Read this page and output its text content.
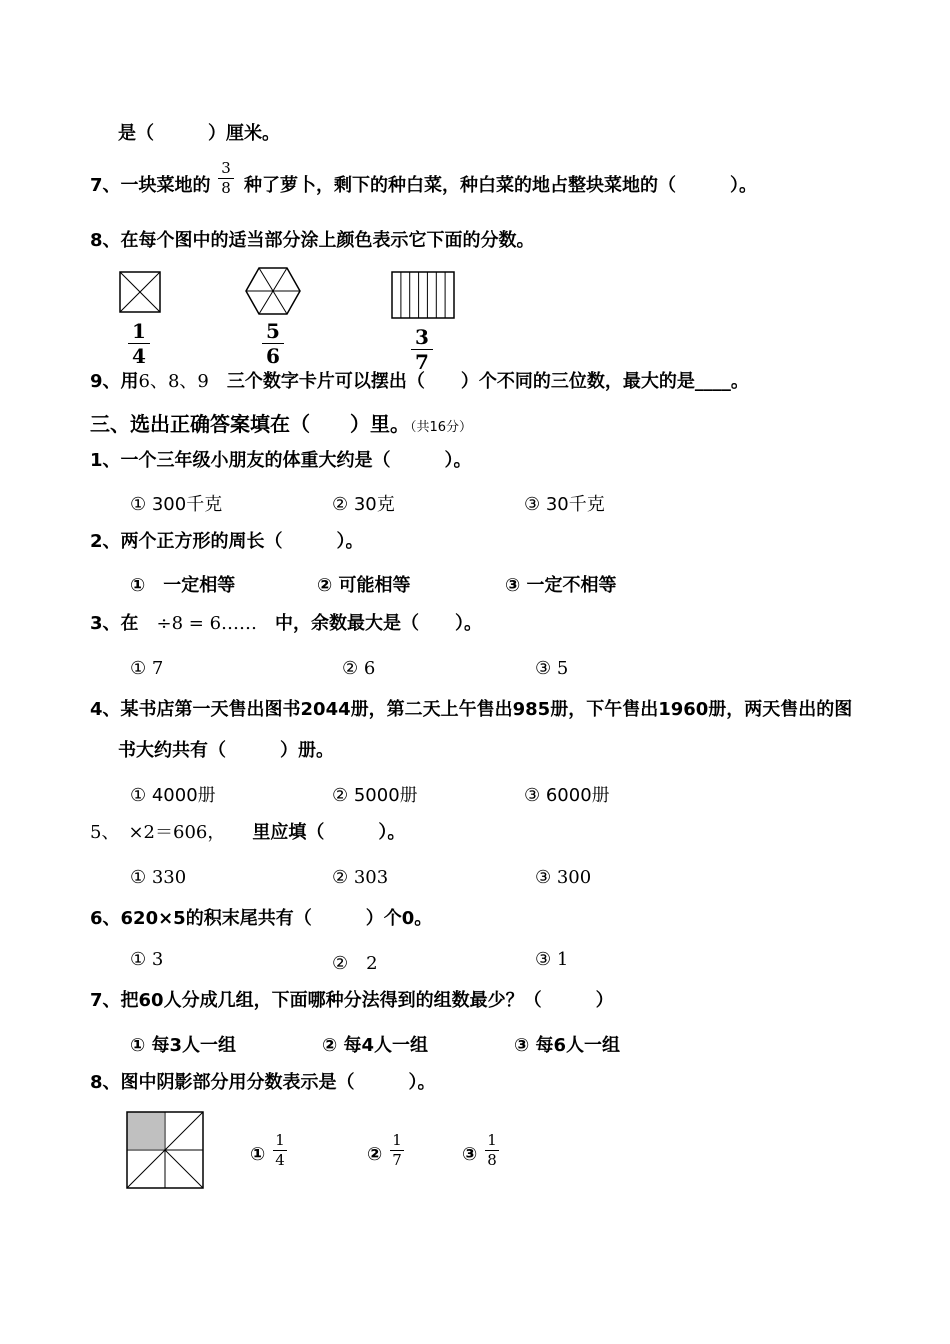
是（　　　）厘米。
7、一块菜地的
3
8 种了萝卜，剩下的种白菜，种白菜的地占整块菜地的（　　　）。
8、在每个图中的适当部分涂上颜色表示它下面的分数。
1
4
5
6
3
7
9、用6、8、9　 三个数字卡片可以摆出（　　）个不同的三位数，最大的是____。
三、选出正确答案填在（　　）里。（共16分）
1、一个三年级小朋友的体重大约是（　　　）。
① 300千克	② 30克	③ 30千克
2、两个正方形的周长（　　　）。
①　一定相等	② 可能相等	③ 一定不相等
3、在　 ÷8 = 6……　 中，余数最大是（　　）。
① 7	② 6	③ 5
4、某书店第一天售出图书2044册，第二天上午售出985册，下午售出1960册，两天售出的图
书大约共有（　　　）册。
① 4000册	② 5000册	③ 6000册
5、　 ×2＝606，　　 里应填（　　　）。
① 330	② 303	③ 300
6、620×5的积末尾共有（　　　）个0。
① 3	②　2	③ 1
7、把60人分成几组，下面哪种分法得到的组数最少？（　　　）
① 每3人一组	② 每4人一组	③ 每6人一组
8、图中阴影部分用分数表示是（　　　）。
①
1
4	②
1
7	③
1
8
